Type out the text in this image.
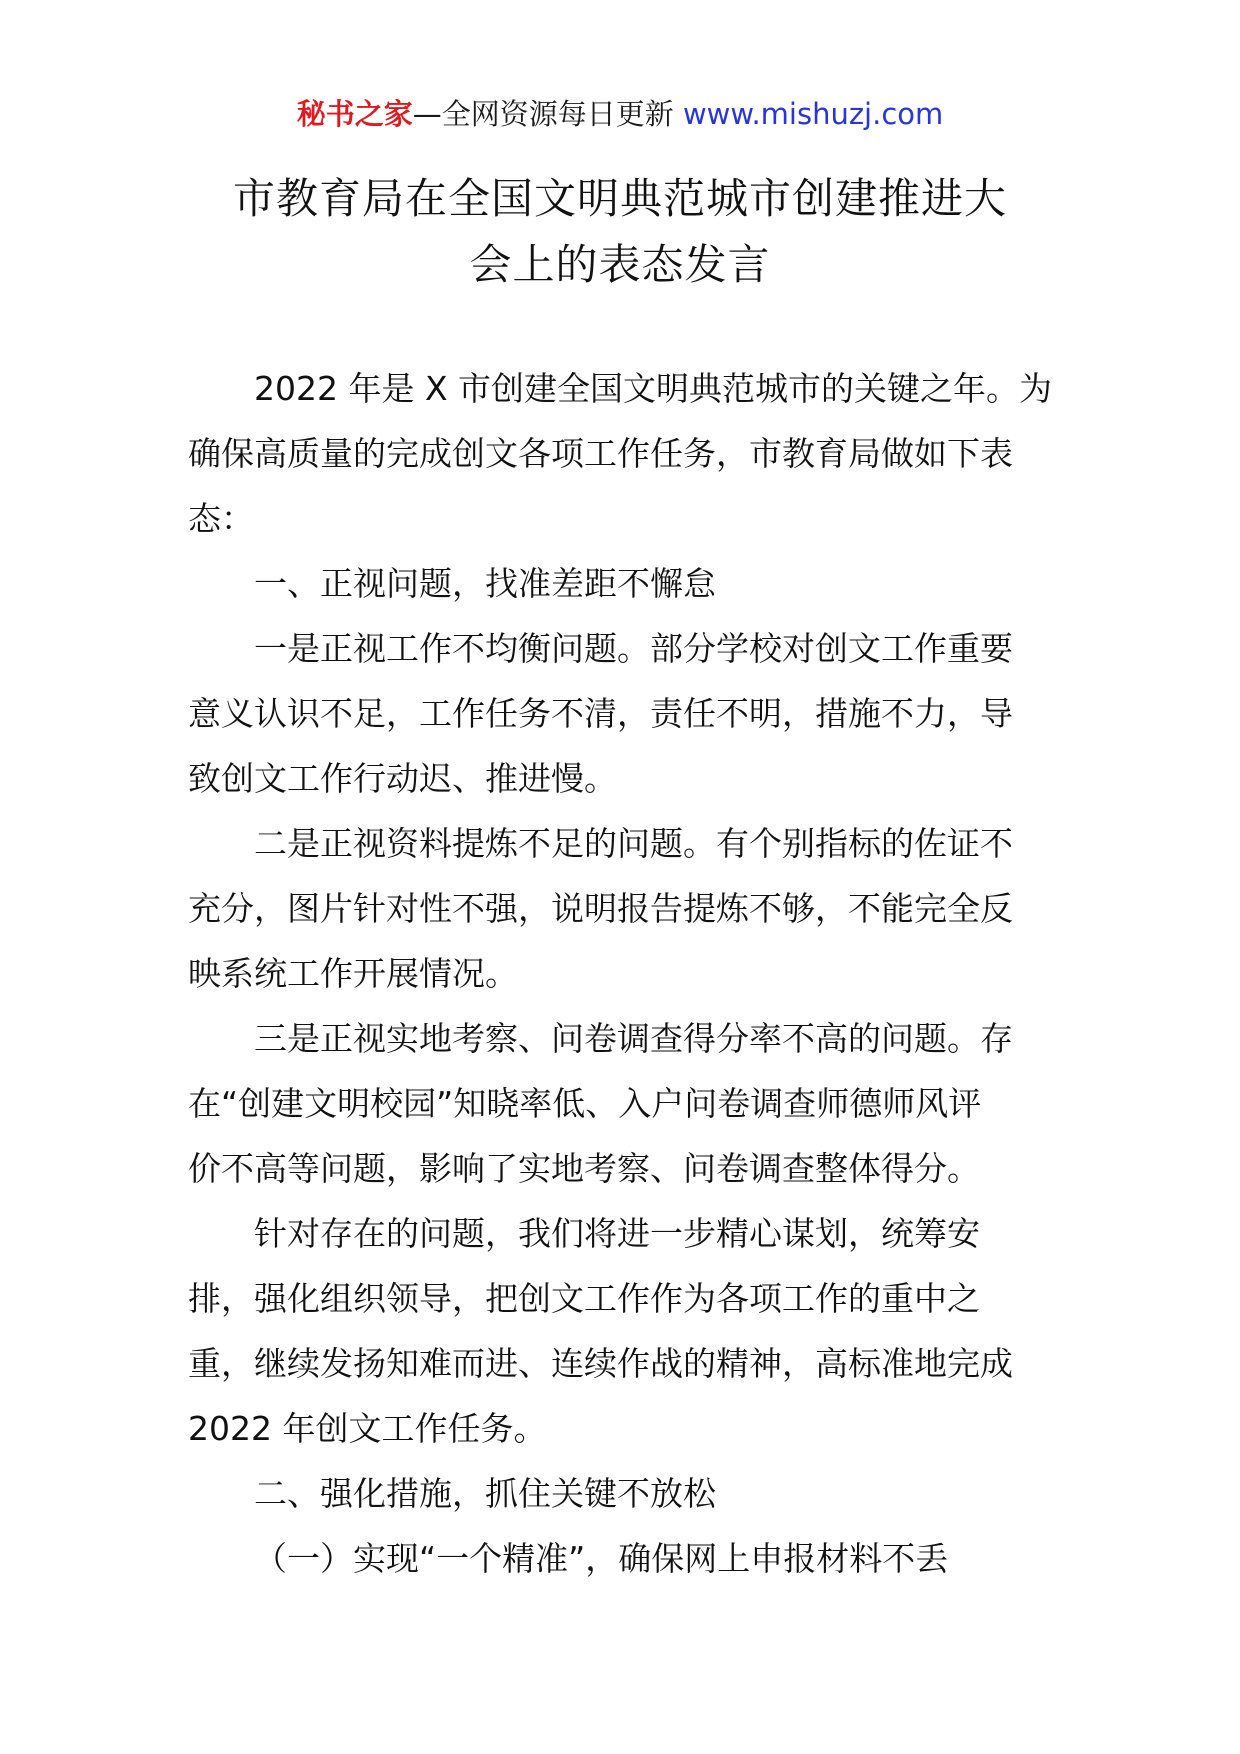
秘书之家—全网资源每日更新 www.mishuzj.com
市教育局在全国文明典范城市创建推进大
会上的表态发言
2022 年是 X 市创建全国文明典范城市的关键之年。为
确保高质量的完成创文各项工作任务，市教育局做如下表
态：
一、正视问题，找准差距不懈怠
一是正视工作不均衡问题。部分学校对创文工作重要
意义认识不足，工作任务不清，责任不明，措施不力，导
致创文工作行动迟、推进慢。
二是正视资料提炼不足的问题。有个别指标的佐证不
充分，图片针对性不强，说明报告提炼不够，不能完全反
映系统工作开展情况。
三是正视实地考察、问卷调查得分率不高的问题。存
在“创建文明校园”知晓率低、入户问卷调查师德师风评
价不高等问题，影响了实地考察、问卷调查整体得分。
针对存在的问题，我们将进一步精心谋划，统筹安
排，强化组织领导，把创文工作作为各项工作的重中之
重，继续发扬知难而进、连续作战的精神，高标准地完成
2022 年创文工作任务。
二、强化措施，抓住关键不放松
（一）实现“一个精准”，确保网上申报材料不丢
